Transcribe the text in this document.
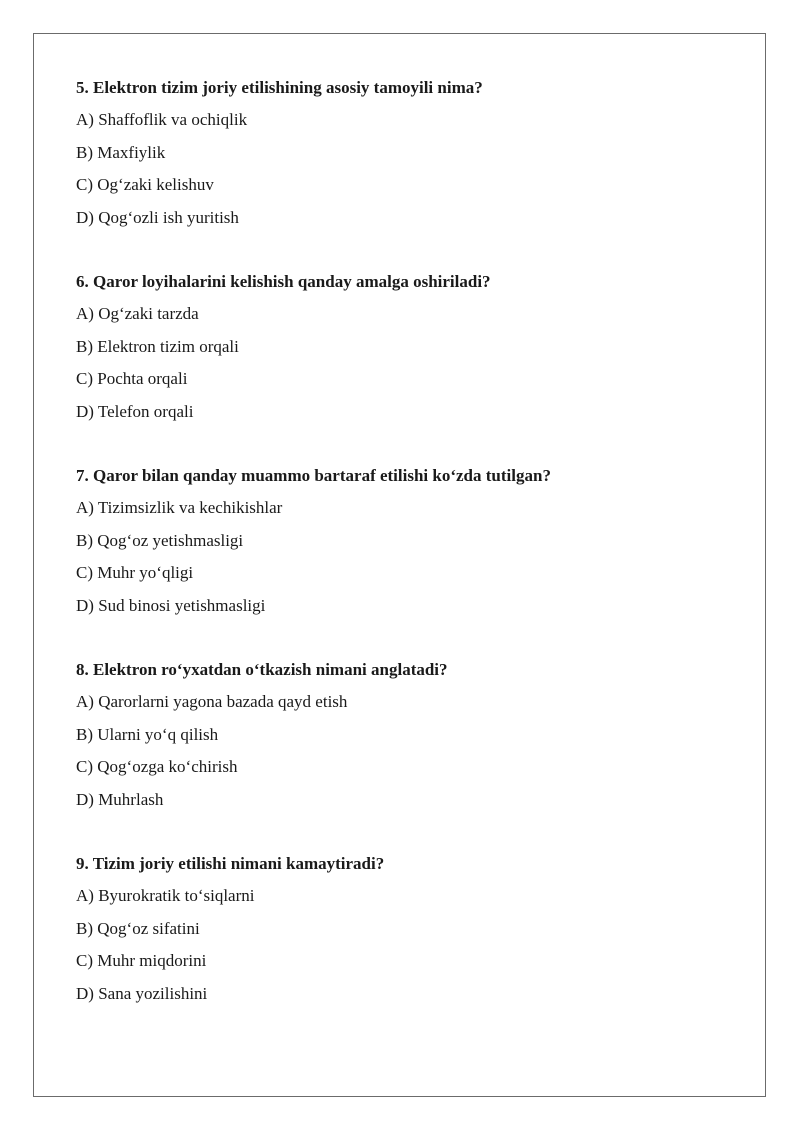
5. Elektron tizim joriy etilishining asosiy tamoyili nima?
A) Shaffoflik va ochiqlik
B) Maxfiylik
C) Og‘zaki kelishuv
D) Qog‘ozli ish yuritish
6. Qaror loyihalarini kelishish qanday amalga oshiriladi?
A) Og‘zaki tarzda
B) Elektron tizim orqali
C) Pochta orqali
D) Telefon orqali
7. Qaror bilan qanday muammo bartaraf etilishi ko‘zda tutilgan?
A) Tizimsizlik va kechikishlar
B) Qog‘oz yetishmasligi
C) Muhr yo‘qligi
D) Sud binosi yetishmasligi
8. Elektron ro‘yxatdan o‘tkazish nimani anglatadi?
A) Qarorlarni yagona bazada qayd etish
B) Ularni yo‘q qilish
C) Qog‘ozga ko‘chirish
D) Muhrlash
9. Tizim joriy etilishi nimani kamaytiradi?
A) Byurokratik to‘siqlarni
B) Qog‘oz sifatini
C) Muhr miqdorini
D) Sana yozilishini
